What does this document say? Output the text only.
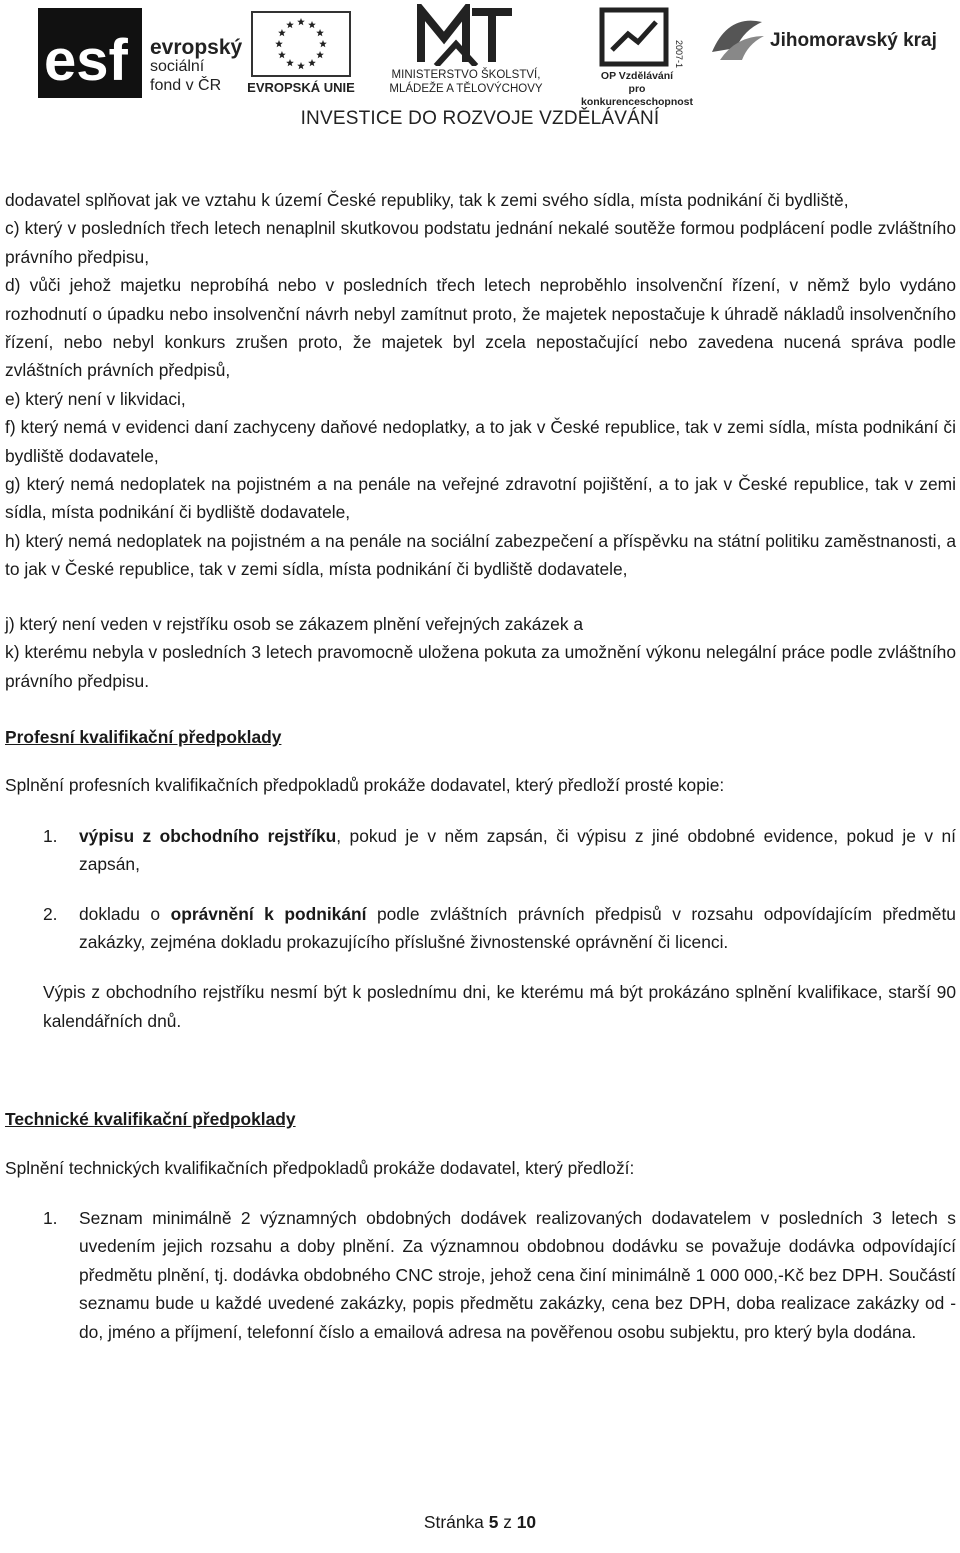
esf evropský
sociální
fond v ČR	EVROPSKÁ UNIE
MINISTERSTVO ŠKOLSTVÍ,
MLÁDEŽE A TĚLOVÝCHOVY
2007-13
OP Vzdělávání
pro konkurenceschopnost
Jihomoravský kraj
INVESTICE DO ROZVOJE VZDĚLÁVÁNÍ

dodavatel splňovat jak ve vztahu k území České republiky, tak k zemi svého sídla, místa podnikání či bydliště,

c) který v posledních třech letech nenaplnil skutkovou podstatu jednání nekalé soutěže formou podplácení podle zvláštního právního předpisu,

d) vůči jehož majetku neprobíhá nebo v posledních třech letech neproběhlo insolvenční řízení, v němž bylo vydáno rozhodnutí o úpadku nebo insolvenční návrh nebyl zamítnut proto, že majetek nepostačuje k úhradě nákladů insolvenčního řízení, nebo nebyl konkurs zrušen proto, že majetek byl zcela nepostačující nebo zavedena nucená správa podle zvláštních právních předpisů,

e) který není v likvidaci,

f) který nemá v evidenci daní zachyceny daňové nedoplatky, a to jak v České republice, tak v zemi sídla, místa podnikání či bydliště dodavatele,

g) který nemá nedoplatek na pojistném a na penále na veřejné zdravotní pojištění, a to jak v České republice, tak v zemi sídla, místa podnikání či bydliště dodavatele,

h) který nemá nedoplatek na pojistném a na penále na sociální zabezpečení a příspěvku na státní politiku zaměstnanosti, a to jak v České republice, tak v zemi sídla, místa podnikání či bydliště dodavatele,

j) který není veden v rejstříku osob se zákazem plnění veřejných zakázek a

k) kterému nebyla v posledních 3 letech pravomocně uložena pokuta za umožnění výkonu nelegální práce podle zvláštního právního předpisu.

Profesní kvalifikační předpoklady

Splnění profesních kvalifikačních předpokladů prokáže dodavatel, který předloží prosté kopie:

1.	výpisu z obchodního rejstříku, pokud je v něm zapsán, či výpisu z jiné obdobné evidence, pokud je v ní zapsán,
2.	dokladu o oprávnění k podnikání podle zvláštních právních předpisů v rozsahu odpovídajícím předmětu zakázky, zejména dokladu prokazujícího příslušné živnostenské oprávnění či licenci.

Výpis z obchodního rejstříku nesmí být k poslednímu dni, ke kterému má být prokázáno splnění kvalifikace, starší 90 kalendářních dnů.

Technické kvalifikační předpoklady

Splnění technických kvalifikačních předpokladů prokáže dodavatel, který předloží:

1.	Seznam minimálně 2 významných obdobných dodávek realizovaných dodavatelem v posledních 3 letech s uvedením jejich rozsahu a doby plnění. Za významnou obdobnou dodávku se považuje dodávka odpovídající předmětu plnění, tj. dodávka obdobného CNC stroje, jehož cena činí minimálně 1 000 000,-Kč bez DPH. Součástí seznamu bude u každé uvedené zakázky, popis předmětu zakázky, cena bez DPH, doba realizace zakázky od - do, jméno a příjmení, telefonní číslo a emailová adresa na pověřenou osobu subjektu, pro který byla dodána.
Stránka 5 z 10
